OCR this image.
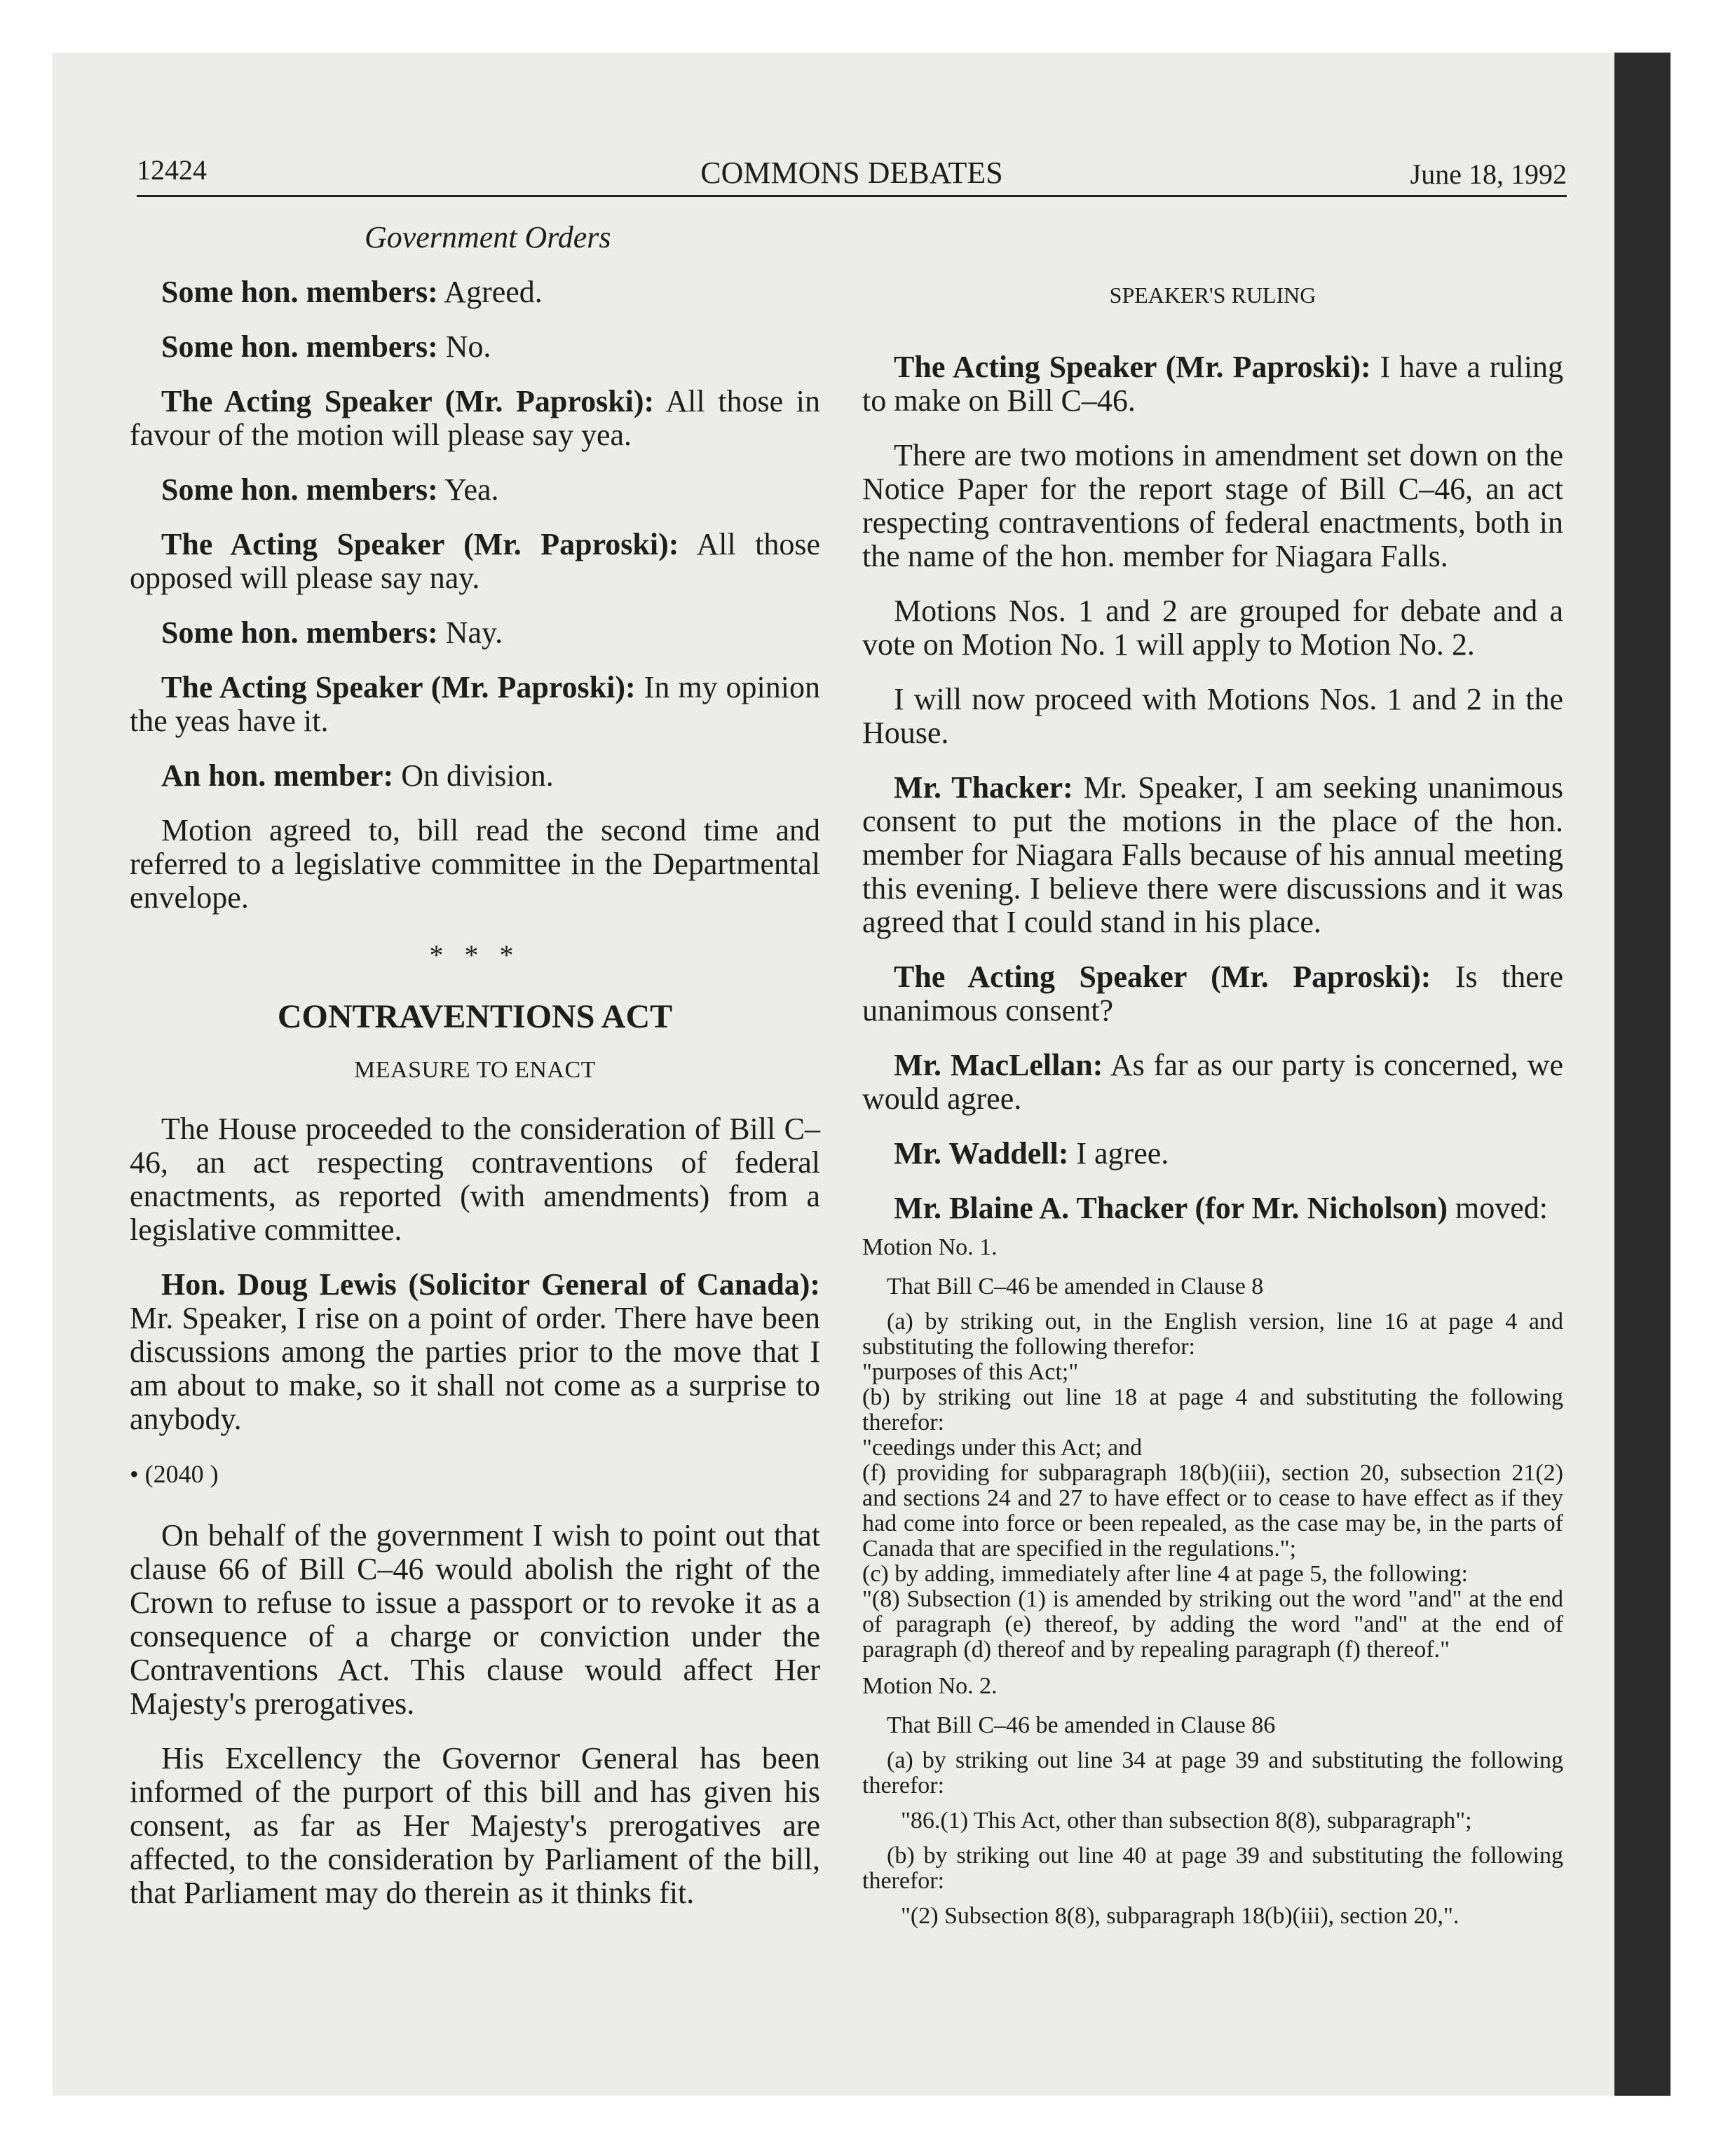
12424	COMMONS DEBATES	June 18, 1992

Government Orders

Some hon. members: Agreed.

Some hon. members: No.

The Acting Speaker (Mr. Paproski): All those in favour of the motion will please say yea.

Some hon. members: Yea.

The Acting Speaker (Mr. Paproski): All those opposed will please say nay.

Some hon. members: Nay.

The Acting Speaker (Mr. Paproski): In my opinion the yeas have it.

An hon. member: On division.

Motion agreed to, bill read the second time and referred to a legislative committee in the Departmental envelope.

* * *

CONTRAVENTIONS ACT

MEASURE TO ENACT

The House proceeded to the consideration of Bill C–46, an act respecting contraventions of federal enactments, as reported (with amendments) from a legislative committee.

Hon. Doug Lewis (Solicitor General of Canada): Mr. Speaker, I rise on a point of order. There have been discussions among the parties prior to the move that I am about to make, so it shall not come as a surprise to anybody.

• (2040 )

On behalf of the government I wish to point out that clause 66 of Bill C–46 would abolish the right of the Crown to refuse to issue a passport or to revoke it as a consequence of a charge or conviction under the Contraventions Act. This clause would affect Her Majesty's prerogatives.

His Excellency the Governor General has been informed of the purport of this bill and has given his consent, as far as Her Majesty's prerogatives are affected, to the consideration by Parliament of the bill, that Parliament may do therein as it thinks fit.

SPEAKER'S RULING

The Acting Speaker (Mr. Paproski): I have a ruling to make on Bill C–46.

There are two motions in amendment set down on the Notice Paper for the report stage of Bill C–46, an act respecting contraventions of federal enactments, both in the name of the hon. member for Niagara Falls.

Motions Nos. 1 and 2 are grouped for debate and a vote on Motion No. 1 will apply to Motion No. 2.

I will now proceed with Motions Nos. 1 and 2 in the House.

Mr. Thacker: Mr. Speaker, I am seeking unanimous consent to put the motions in the place of the hon. member for Niagara Falls because of his annual meeting this evening. I believe there were discussions and it was agreed that I could stand in his place.

The Acting Speaker (Mr. Paproski): Is there unanimous consent?

Mr. MacLellan: As far as our party is concerned, we would agree.

Mr. Waddell: I agree.

Mr. Blaine A. Thacker (for Mr. Nicholson) moved:

Motion No. 1.

That Bill C–46 be amended in Clause 8

(a) by striking out, in the English version, line 16 at page 4 and substituting the following therefor:

"purposes of this Act;"

(b) by striking out line 18 at page 4 and substituting the following therefor:

"ceedings under this Act; and

(f) providing for subparagraph 18(b)(iii), section 20, subsection 21(2) and sections 24 and 27 to have effect or to cease to have effect as if they had come into force or been repealed, as the case may be, in the parts of Canada that are specified in the regulations.";

(c) by adding, immediately after line 4 at page 5, the following:

"(8) Subsection (1) is amended by striking out the word "and" at the end of paragraph (e) thereof, by adding the word "and" at the end of paragraph (d) thereof and by repealing paragraph (f) thereof."

Motion No. 2.

That Bill C–46 be amended in Clause 86

(a) by striking out line 34 at page 39 and substituting the following therefor:

"86.(1) This Act, other than subsection 8(8), subparagraph";

(b) by striking out line 40 at page 39 and substituting the following therefor:

"(2) Subsection 8(8), subparagraph 18(b)(iii), section 20,".
